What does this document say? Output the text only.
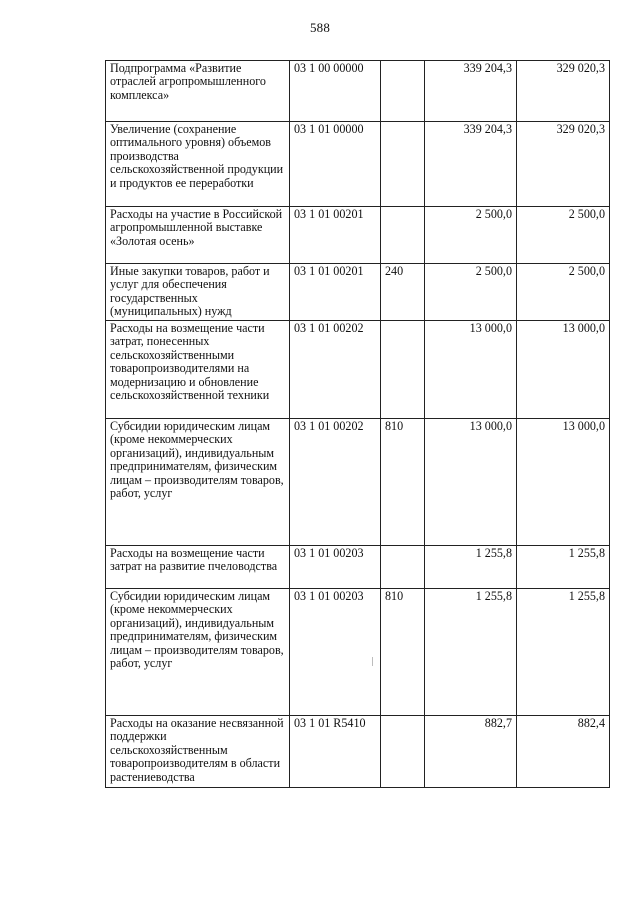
588
Подпрограмма «Развитие отраслей агропромышленного комплекса»	03 1 00 00000		339 204,3	329 020,3
Увеличение (сохранение оптимального уровня) объемов производства сельскохозяйственной продукции и продуктов ее переработки	03 1 01 00000		339 204,3	329 020,3
Расходы на участие в Российской агропромышленной выставке «Золотая осень»	03 1 01 00201		2 500,0	2 500,0
Иные закупки товаров, работ и услуг для обеспечения государственных (муниципальных) нужд	03 1 01 00201	240	2 500,0	2 500,0
Расходы на возмещение части затрат, понесенных сельскохозяйственными товаропроизводителями на модернизацию и обновление сельскохозяйственной техники	03 1 01 00202		13 000,0	13 000,0
Субсидии юридическим лицам (кроме некоммерческих организаций), индивидуальным предпринимателям, физическим лицам – производителям товаров, работ, услуг	03 1 01 00202	810	13 000,0	13 000,0
Расходы на возмещение части затрат на развитие пчеловодства	03 1 01 00203		1 255,8	1 255,8
Субсидии юридическим лицам (кроме некоммерческих организаций), индивидуальным предпринимателям, физическим лицам – производителям товаров, работ, услуг	03 1 01 00203	810	1 255,8	1 255,8
Расходы на оказание несвязанной поддержки сельскохозяйственным товаропроизводителям в области растениеводства	03 1 01 R5410		882,7	882,4
